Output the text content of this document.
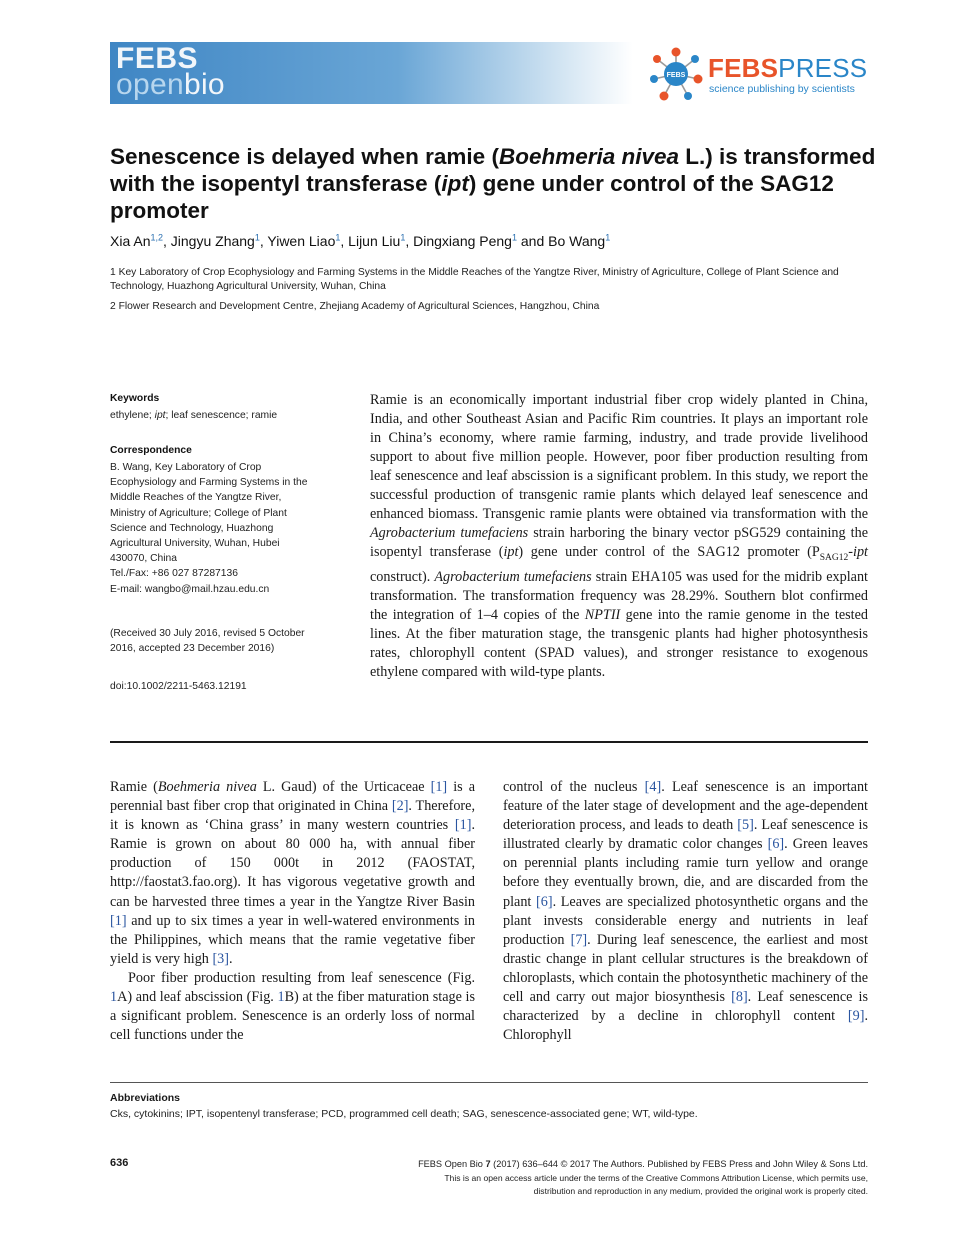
FEBS
openbio	FEBS FEBSPRESS
science publishing by scientists
Senescence is delayed when ramie (Boehmeria nivea L.) is transformed with the isopentyl transferase (ipt) gene under control of the SAG12 promoter
Xia An$^{1,2}$, Jingyu Zhang$^1$, Yiwen Liao$^1$, Lijun Liu$^1$, Dingxiang Peng$^1$ and Bo Wang$^1$
1 Key Laboratory of Crop Ecophysiology and Farming Systems in the Middle Reaches of the Yangtze River, Ministry of Agriculture, College of Plant Science and Technology, Huazhong Agricultural University, Wuhan, China
2 Flower Research and Development Centre, Zhejiang Academy of Agricultural Sciences, Hangzhou, China
Keywords
ethylene; ipt; leaf senescence; ramie
Correspondence
B. Wang, Key Laboratory of Crop
Ecophysiology and Farming Systems in the
Middle Reaches of the Yangtze River,
Ministry of Agriculture; College of Plant
Science and Technology, Huazhong
Agricultural University, Wuhan, Hubei
430070, China
Tel./Fax: +86 027 87287136
E-mail: wangbo@mail.hzau.edu.cn
(Received 30 July 2016, revised 5 October
2016, accepted 23 December 2016)
doi:10.1002/2211-5463.12191
Ramie is an economically important industrial fiber crop widely planted in China, India, and other Southeast Asian and Pacific Rim countries. It plays an important role in China’s economy, where ramie farming, industry, and trade provide livelihood support to about five million people. However, poor fiber production resulting from leaf senescence and leaf abscission is a significant problem. In this study, we report the successful production of transgenic ramie plants which delayed leaf senescence and enhanced biomass. Transgenic ramie plants were obtained via transformation with the Agrobacterium tumefaciens strain harboring the binary vector pSG529 containing the isopentyl transferase (ipt) gene under control of the SAG12 promoter ($P_{SAG12}$-ipt construct). Agrobacterium tumefaciens strain EHA105 was used for the midrib explant transformation. The transformation frequency was 28.29%. Southern blot confirmed the integration of 1–4 copies of the NPTII gene into the ramie genome in the tested lines. At the fiber maturation stage, the transgenic plants had higher photosynthesis rates, chlorophyll content (SPAD values), and stronger resistance to exogenous ethylene compared with wild-type plants.

Ramie (Boehmeria nivea L. Gaud) of the Urticaceae [1] is a perennial bast fiber crop that originated in China [2]. Therefore, it is known as ‘China grass’ in many western countries [1]. Ramie is grown on about 80 000 ha, with annual fiber production of 150 000t in 2012 (FAOSTAT, http://faostat3.fao.org). It has vigorous vegetative growth and can be harvested three times a year in the Yangtze River Basin [1] and up to six times a year in well-watered environments in the Philippines, which means that the ramie vegetative fiber yield is very high [3].

Poor fiber production resulting from leaf senescence (Fig. 1A) and leaf abscission (Fig. 1B) at the fiber maturation stage is a significant problem. Senescence is an orderly loss of normal cell functions under the

control of the nucleus [4]. Leaf senescence is an important feature of the later stage of development and the age-dependent deterioration process, and leads to death [5]. Leaf senescence is illustrated clearly by dramatic color changes [6]. Green leaves on perennial plants including ramie turn yellow and orange before they eventually brown, die, and are discarded from the plant [6]. Leaves are specialized photosynthetic organs and the plant invests considerable energy and nutrients in leaf production [7]. During leaf senescence, the earliest and most drastic change in plant cellular structures is the breakdown of chloroplasts, which contain the photosynthetic machinery of the cell and carry out major biosynthesis [8]. Leaf senescence is characterized by a decline in chlorophyll content [9]. Chlorophyll

Abbreviations
Cks, cytokinins; IPT, isopentenyl transferase; PCD, programmed cell death; SAG, senescence-associated gene; WT, wild-type.
636	FEBS Open Bio 7 (2017) 636–644 © 2017 The Authors. Published by FEBS Press and John Wiley & Sons Ltd.
This is an open access article under the terms of the Creative Commons Attribution License, which permits use,
distribution and reproduction in any medium, provided the original work is properly cited.
